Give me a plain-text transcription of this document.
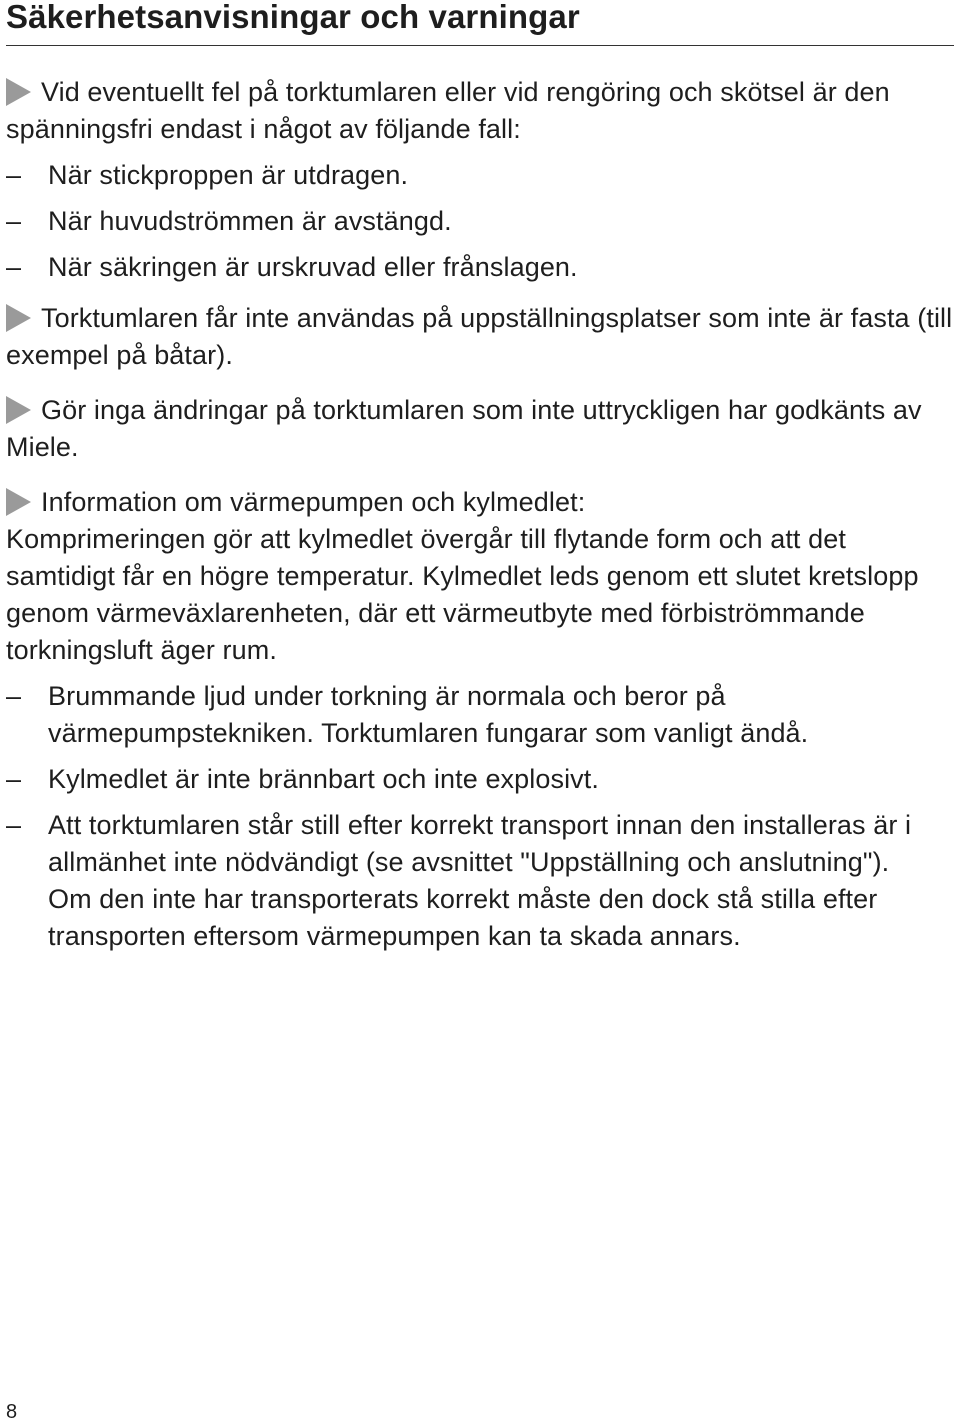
Säkerhetsanvisningar och varningar

Vid eventuellt fel på torktumlaren eller vid rengöring och skötsel är den spänningsfri endast i något av följande fall:

– När stickproppen är utdragen.

– När huvudströmmen är avstängd.

– När säkringen är urskruvad eller frånslagen.

Torktumlaren får inte användas på uppställningsplatser som inte är fasta (till exempel på båtar).

Gör inga ändringar på torktumlaren som inte uttryckligen har godkänts av Miele.

Information om värmepumpen och kylmedlet:

Komprimeringen gör att kylmedlet övergår till flytande form och att det samtidigt får en högre temperatur. Kylmedlet leds genom ett slutet kretslopp genom värmeväxlarenheten, där ett värmeutbyte med förbiströmmande torkningsluft äger rum.

– Brummande ljud under torkning är normala och beror på värmepumpstekniken. Torktumlaren fungarar som vanligt ändå.

– Kylmedlet är inte brännbart och inte explosivt.

– Att torktumlaren står still efter korrekt transport innan den installeras är i allmänhet inte nödvändigt (se avsnittet "Uppställning och anslutning").
Om den inte har transporterats korrekt måste den dock stå stilla efter transporten eftersom värmepumpen kan ta skada annars.
8
